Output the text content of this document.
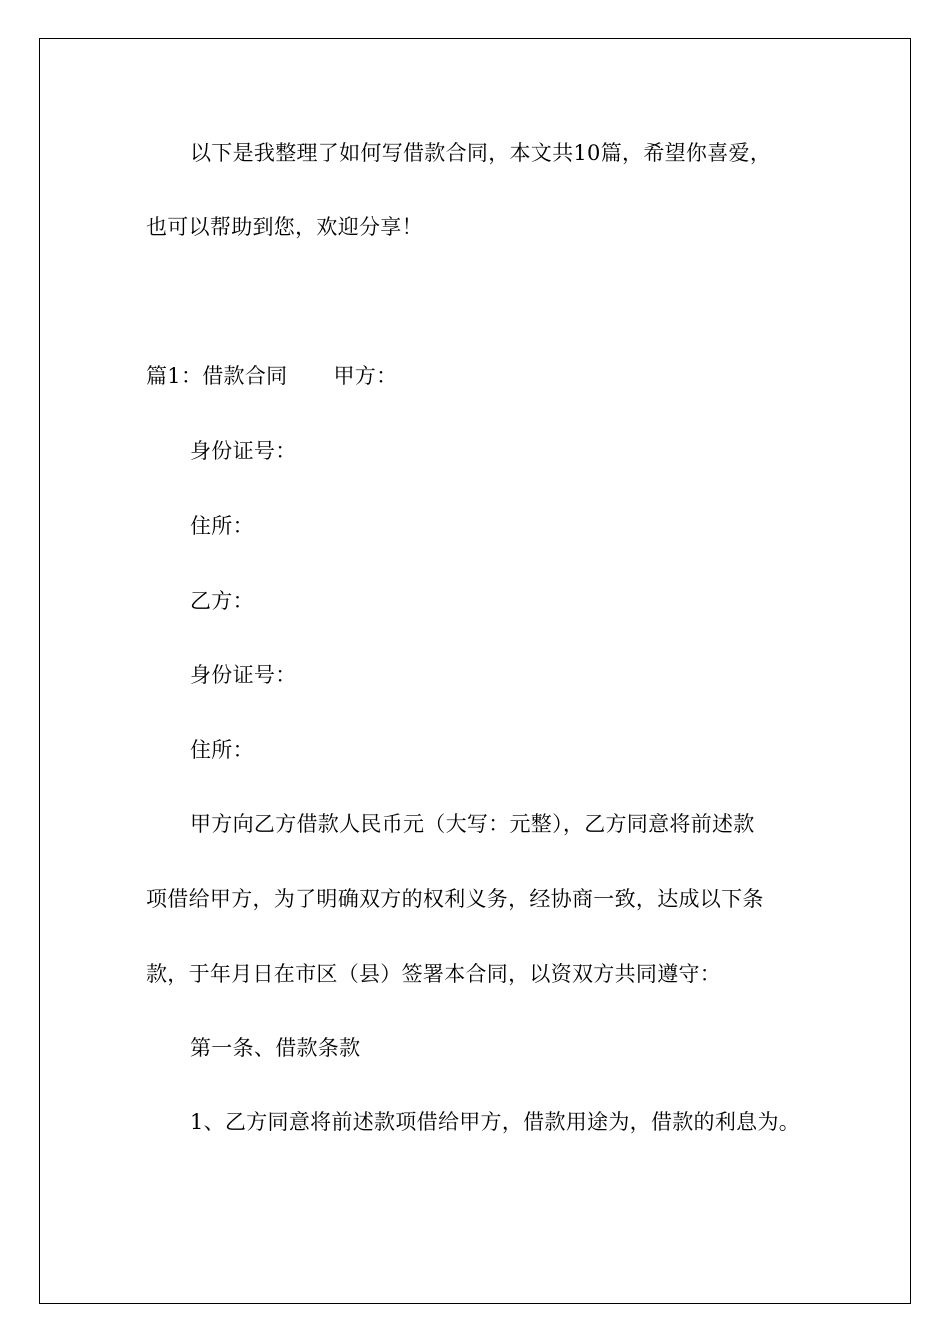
以下是我整理了如何写借款合同，本文共10篇，希望你喜爱，
也可以帮助到您，欢迎分享！
篇1：借款合同 甲方：
身份证号：
住所：
乙方：
身份证号：
住所：
甲方向乙方借款人民币元（大写：元整），乙方同意将前述款
项借给甲方，为了明确双方的权利义务，经协商一致，达成以下条
款，于年月日在市区（县）签署本合同，以资双方共同遵守：
第一条、借款条款
1、乙方同意将前述款项借给甲方，借款用途为，借款的利息为。
